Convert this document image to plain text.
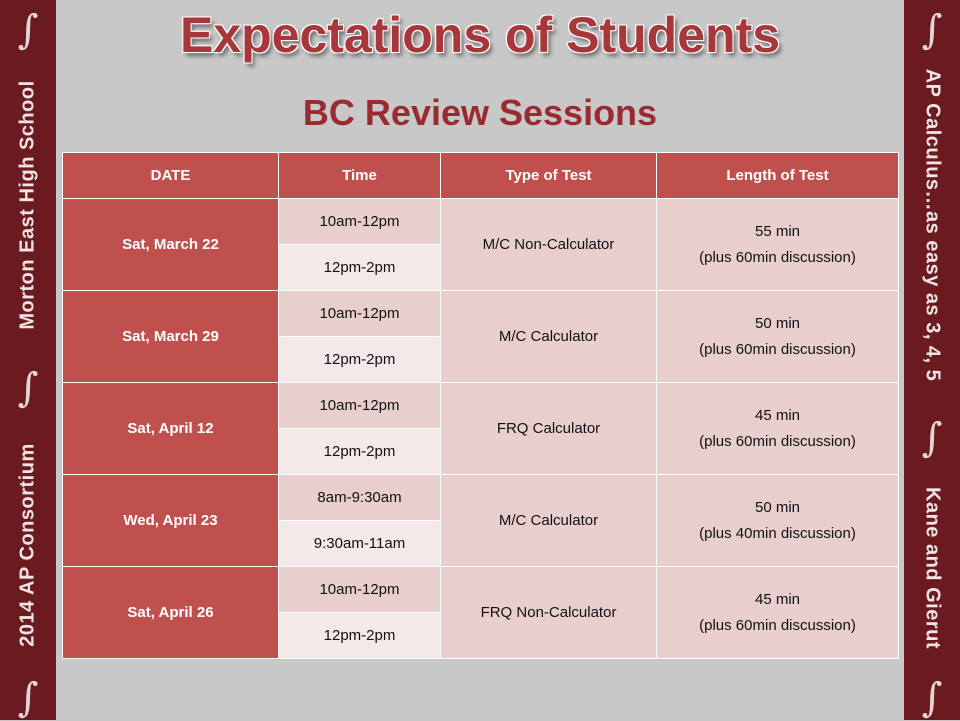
∫
Morton East High School
∫
2014 AP Consortium
∫
∫
AP Calculus…as easy as 3, 4, 5
∫
Kane and Gierut
∫
Expectations of Students
BC Review Sessions
DATE	Time	Type of Test	Length of Test
Sat, March 22	10am-12pm	M/C Non-Calculator	55 min
(plus 60min discussion)

	12pm-2pm		
Sat, March 29	10am-12pm	M/C Calculator	50 min
(plus 60min discussion)

	12pm-2pm		
Sat, April 12	10am-12pm	FRQ Calculator	45 min
(plus 60min discussion)

	12pm-2pm		
Wed, April 23	8am-9:30am	M/C Calculator	50 min
(plus 40min discussion)

	9:30am-11am		
Sat, April 26	10am-12pm	FRQ Non-Calculator	45 min
(plus 60min discussion)

	12pm-2pm		
